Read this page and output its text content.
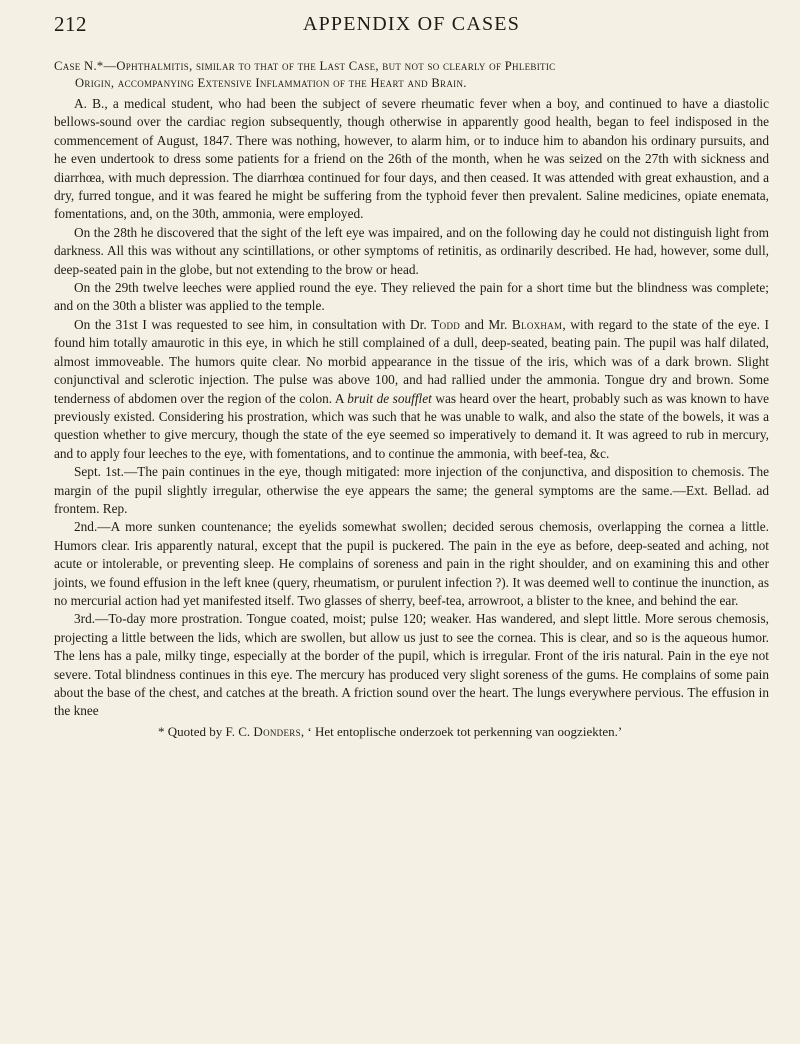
212	APPENDIX OF CASES
Case N.*—Ophthalmitis, similar to that of the Last Case, but not so clearly of Phlebitic
Origin, accompanying Extensive Inflammation of the Heart and Brain.

A. B., a medical student, who had been the subject of severe rheumatic fever when a boy, and continued to have a diastolic bellows-sound over the cardiac region subsequently, though otherwise in apparently good health, began to feel indisposed in the commencement of August, 1847. There was nothing, however, to alarm him, or to induce him to abandon his ordinary pursuits, and he even undertook to dress some patients for a friend on the 26th of the month, when he was seized on the 27th with sickness and diarrhœa, with much depression. The diarrhœa continued for four days, and then ceased. It was attended with great exhaustion, and a dry, furred tongue, and it was feared he might be suffering from the typhoid fever then prevalent. Saline medicines, opiate enemata, fomentations, and, on the 30th, ammonia, were employed.

On the 28th he discovered that the sight of the left eye was impaired, and on the following day he could not distinguish light from darkness. All this was without any scintillations, or other symptoms of retinitis, as ordinarily described. He had, however, some dull, deep-seated pain in the globe, but not extending to the brow or head.

On the 29th twelve leeches were applied round the eye. They relieved the pain for a short time but the blindness was complete; and on the 30th a blister was applied to the temple.

On the 31st I was requested to see him, in consultation with Dr. Todd and Mr. Bloxham, with regard to the state of the eye. I found him totally amaurotic in this eye, in which he still complained of a dull, deep-seated, beating pain. The pupil was half dilated, almost immoveable. The humors quite clear. No morbid appearance in the tissue of the iris, which was of a dark brown. Slight conjunctival and sclerotic injection. The pulse was above 100, and had rallied under the ammonia. Tongue dry and brown. Some tenderness of abdomen over the region of the colon. A bruit de soufflet was heard over the heart, probably such as was known to have previously existed. Considering his prostration, which was such that he was unable to walk, and also the state of the bowels, it was a question whether to give mercury, though the state of the eye seemed so imperatively to demand it. It was agreed to rub in mercury, and to apply four leeches to the eye, with fomentations, and to continue the ammonia, with beef-tea, &c.

Sept. 1st.—The pain continues in the eye, though mitigated: more injection of the conjunctiva, and disposition to chemosis. The margin of the pupil slightly irregular, otherwise the eye appears the same; the general symptoms are the same.—Ext. Bellad. ad frontem. Rep.

2nd.—A more sunken countenance; the eyelids somewhat swollen; decided serous chemosis, overlapping the cornea a little. Humors clear. Iris apparently natural, except that the pupil is puckered. The pain in the eye as before, deep-seated and aching, not acute or intolerable, or preventing sleep. He complains of soreness and pain in the right shoulder, and on examining this and other joints, we found effusion in the left knee (query, rheumatism, or purulent infection ?). It was deemed well to continue the inunction, as no mercurial action had yet manifested itself. Two glasses of sherry, beef-tea, arrowroot, a blister to the knee, and behind the ear.

3rd.—To-day more prostration. Tongue coated, moist; pulse 120; weaker. Has wandered, and slept little. More serous chemosis, projecting a little between the lids, which are swollen, but allow us just to see the cornea. This is clear, and so is the aqueous humor. The lens has a pale, milky tinge, especially at the border of the pupil, which is irregular. Front of the iris natural. Pain in the eye not severe. Total blindness continues in this eye. The mercury has produced very slight soreness of the gums. He complains of some pain about the base of the chest, and catches at the breath. A friction sound over the heart. The lungs everywhere pervious. The effusion in the knee

* Quoted by F. C. Donders, ‘ Het entoplische onderzoek tot perkenning van oogziekten.’
